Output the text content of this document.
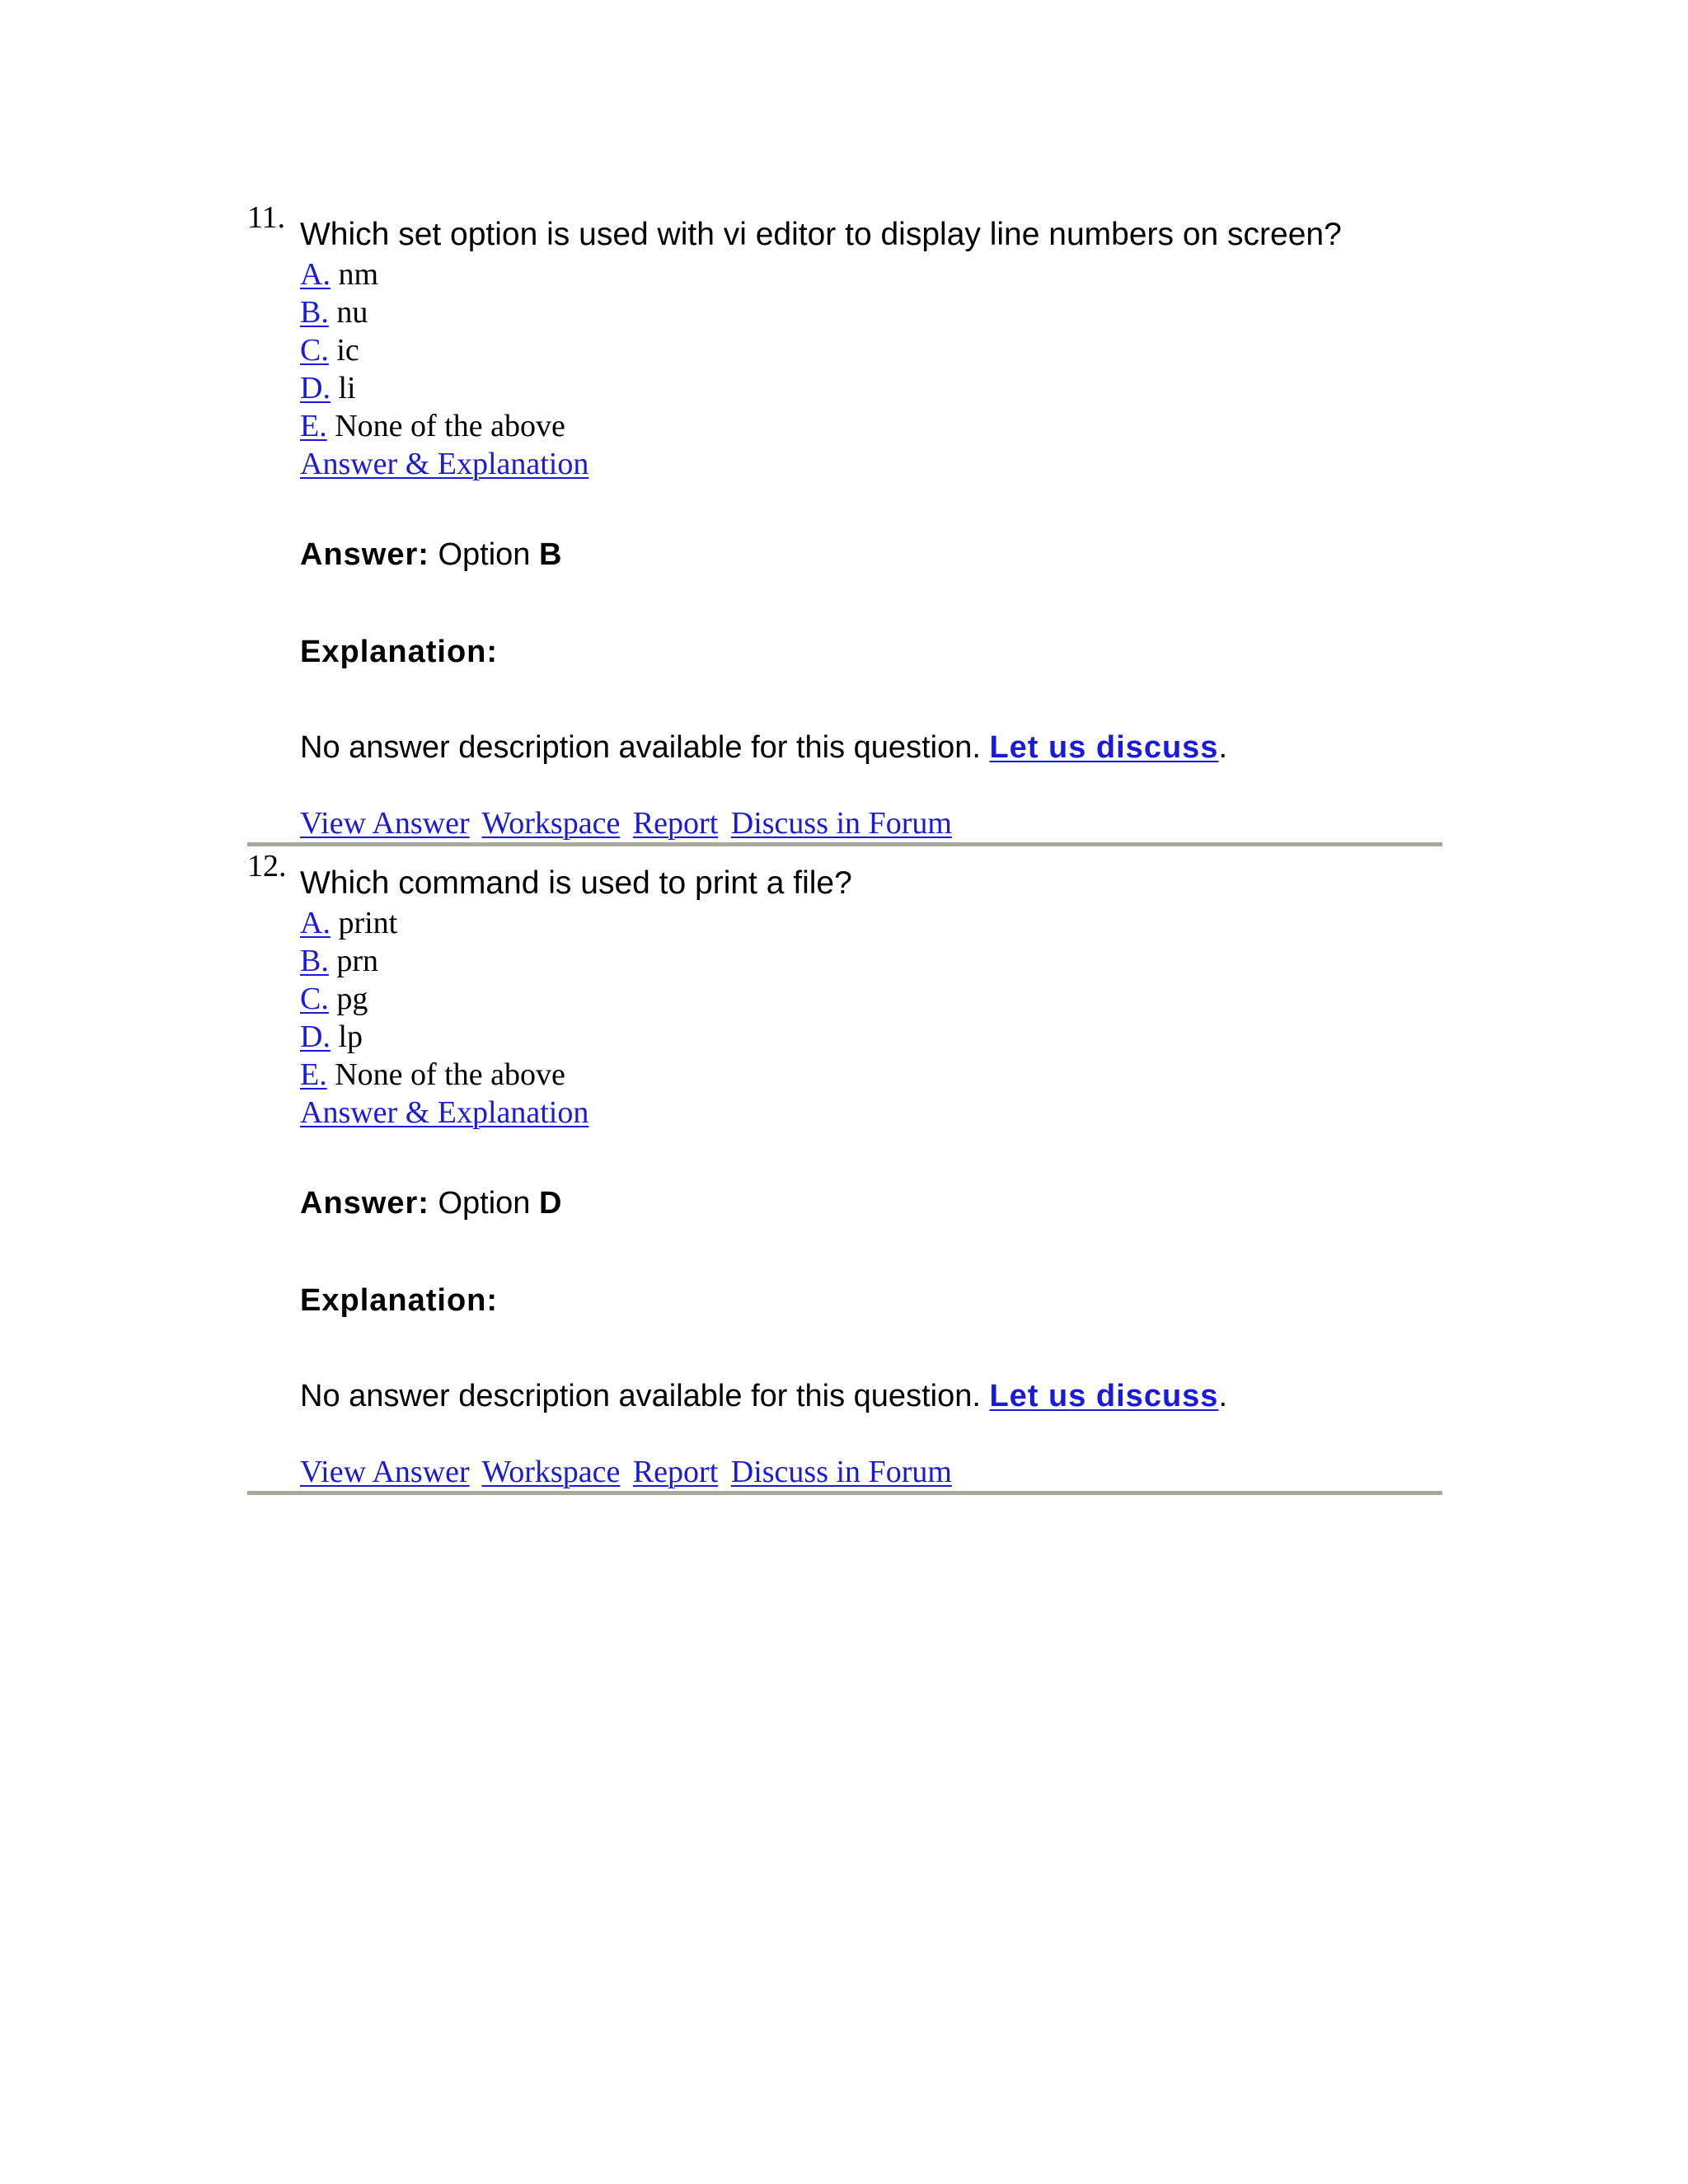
11. Which set option is used with vi editor to display line numbers on screen?

A. nm
B. nu
C. ic
D. li
E. None of the above
Answer & Explanation
Answer: Option B
Explanation:
No answer description available for this question. Let us discuss.
View Answer Workspace Report Discuss in Forum
12. Which command is used to print a file?

A. print
B. prn
C. pg
D. lp
E. None of the above
Answer & Explanation
Answer: Option D
Explanation:
No answer description available for this question. Let us discuss.
View Answer Workspace Report Discuss in Forum
